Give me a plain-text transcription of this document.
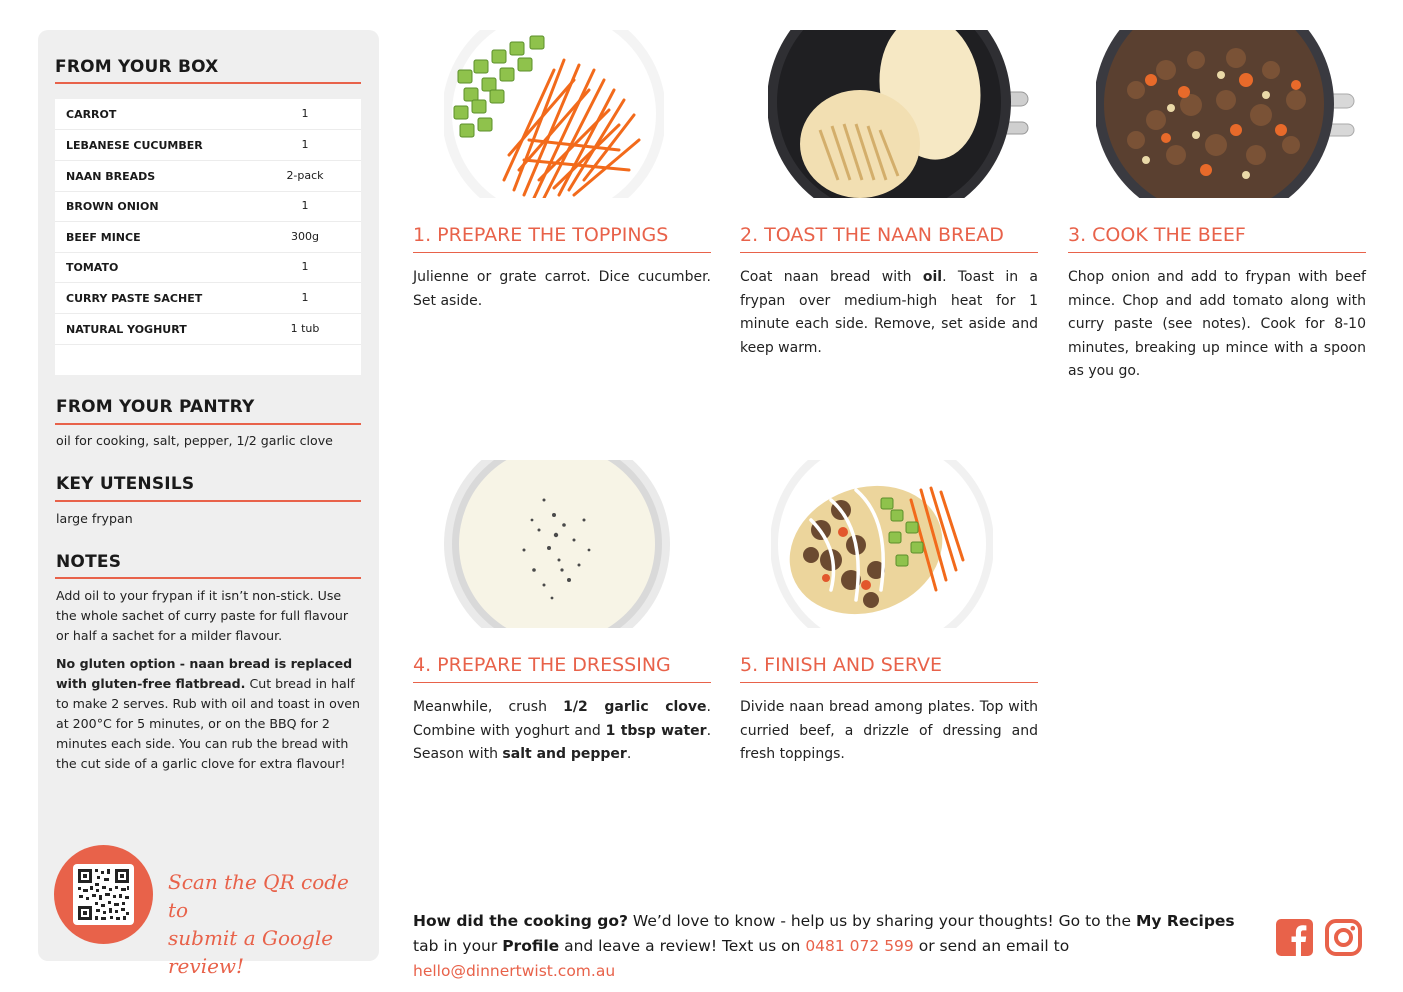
FROM YOUR BOX
CARROT	1
LEBANESE CUCUMBER	1
NAAN BREADS	2-pack
BROWN ONION	1
BEEF MINCE	300g
TOMATO	1
CURRY PASTE SACHET	1
NATURAL YOGHURT	1 tub
FROM YOUR PANTRY
oil for cooking, salt, pepper, 1/2 garlic clove
KEY UTENSILS
large frypan
NOTES
Add oil to your frypan if it isn’t non-stick. Use the whole sachet of curry paste for full flavour or half a sachet for a milder flavour.
No gluten option - naan bread is replaced with gluten-free flatbread. Cut bread in half to make 2 serves. Rub with oil and toast in oven at 200°C for 5 minutes, or on the BBQ for 2 minutes each side. You can rub the bread with the cut side of a garlic clove for extra flavour!
Scan the QR code to
submit a Google review!
1. PREPARE THE TOPPINGS
Julienne or grate carrot. Dice cucumber. Set aside.
2. TOAST THE NAAN BREAD
Coat naan bread with oil. Toast in a frypan over medium-high heat for 1 minute each side. Remove, set aside and keep warm.
3. COOK THE BEEF
Chop onion and add to frypan with beef mince. Chop and add tomato along with curry paste (see notes). Cook for 8-10 minutes, breaking up mince with a spoon as you go.
4. PREPARE THE DRESSING
Meanwhile, crush 1/2 garlic clove. Combine with yoghurt and 1 tbsp water. Season with salt and pepper.
5. FINISH AND SERVE
Divide naan bread among plates. Top with curried beef, a drizzle of dressing and fresh toppings.
How did the cooking go? We’d love to know - help us by sharing your thoughts! Go to the My Recipes tab in your Profile and leave a review! Text us on 0481 072 599 or send an email to hello@dinnertwist.com.au
